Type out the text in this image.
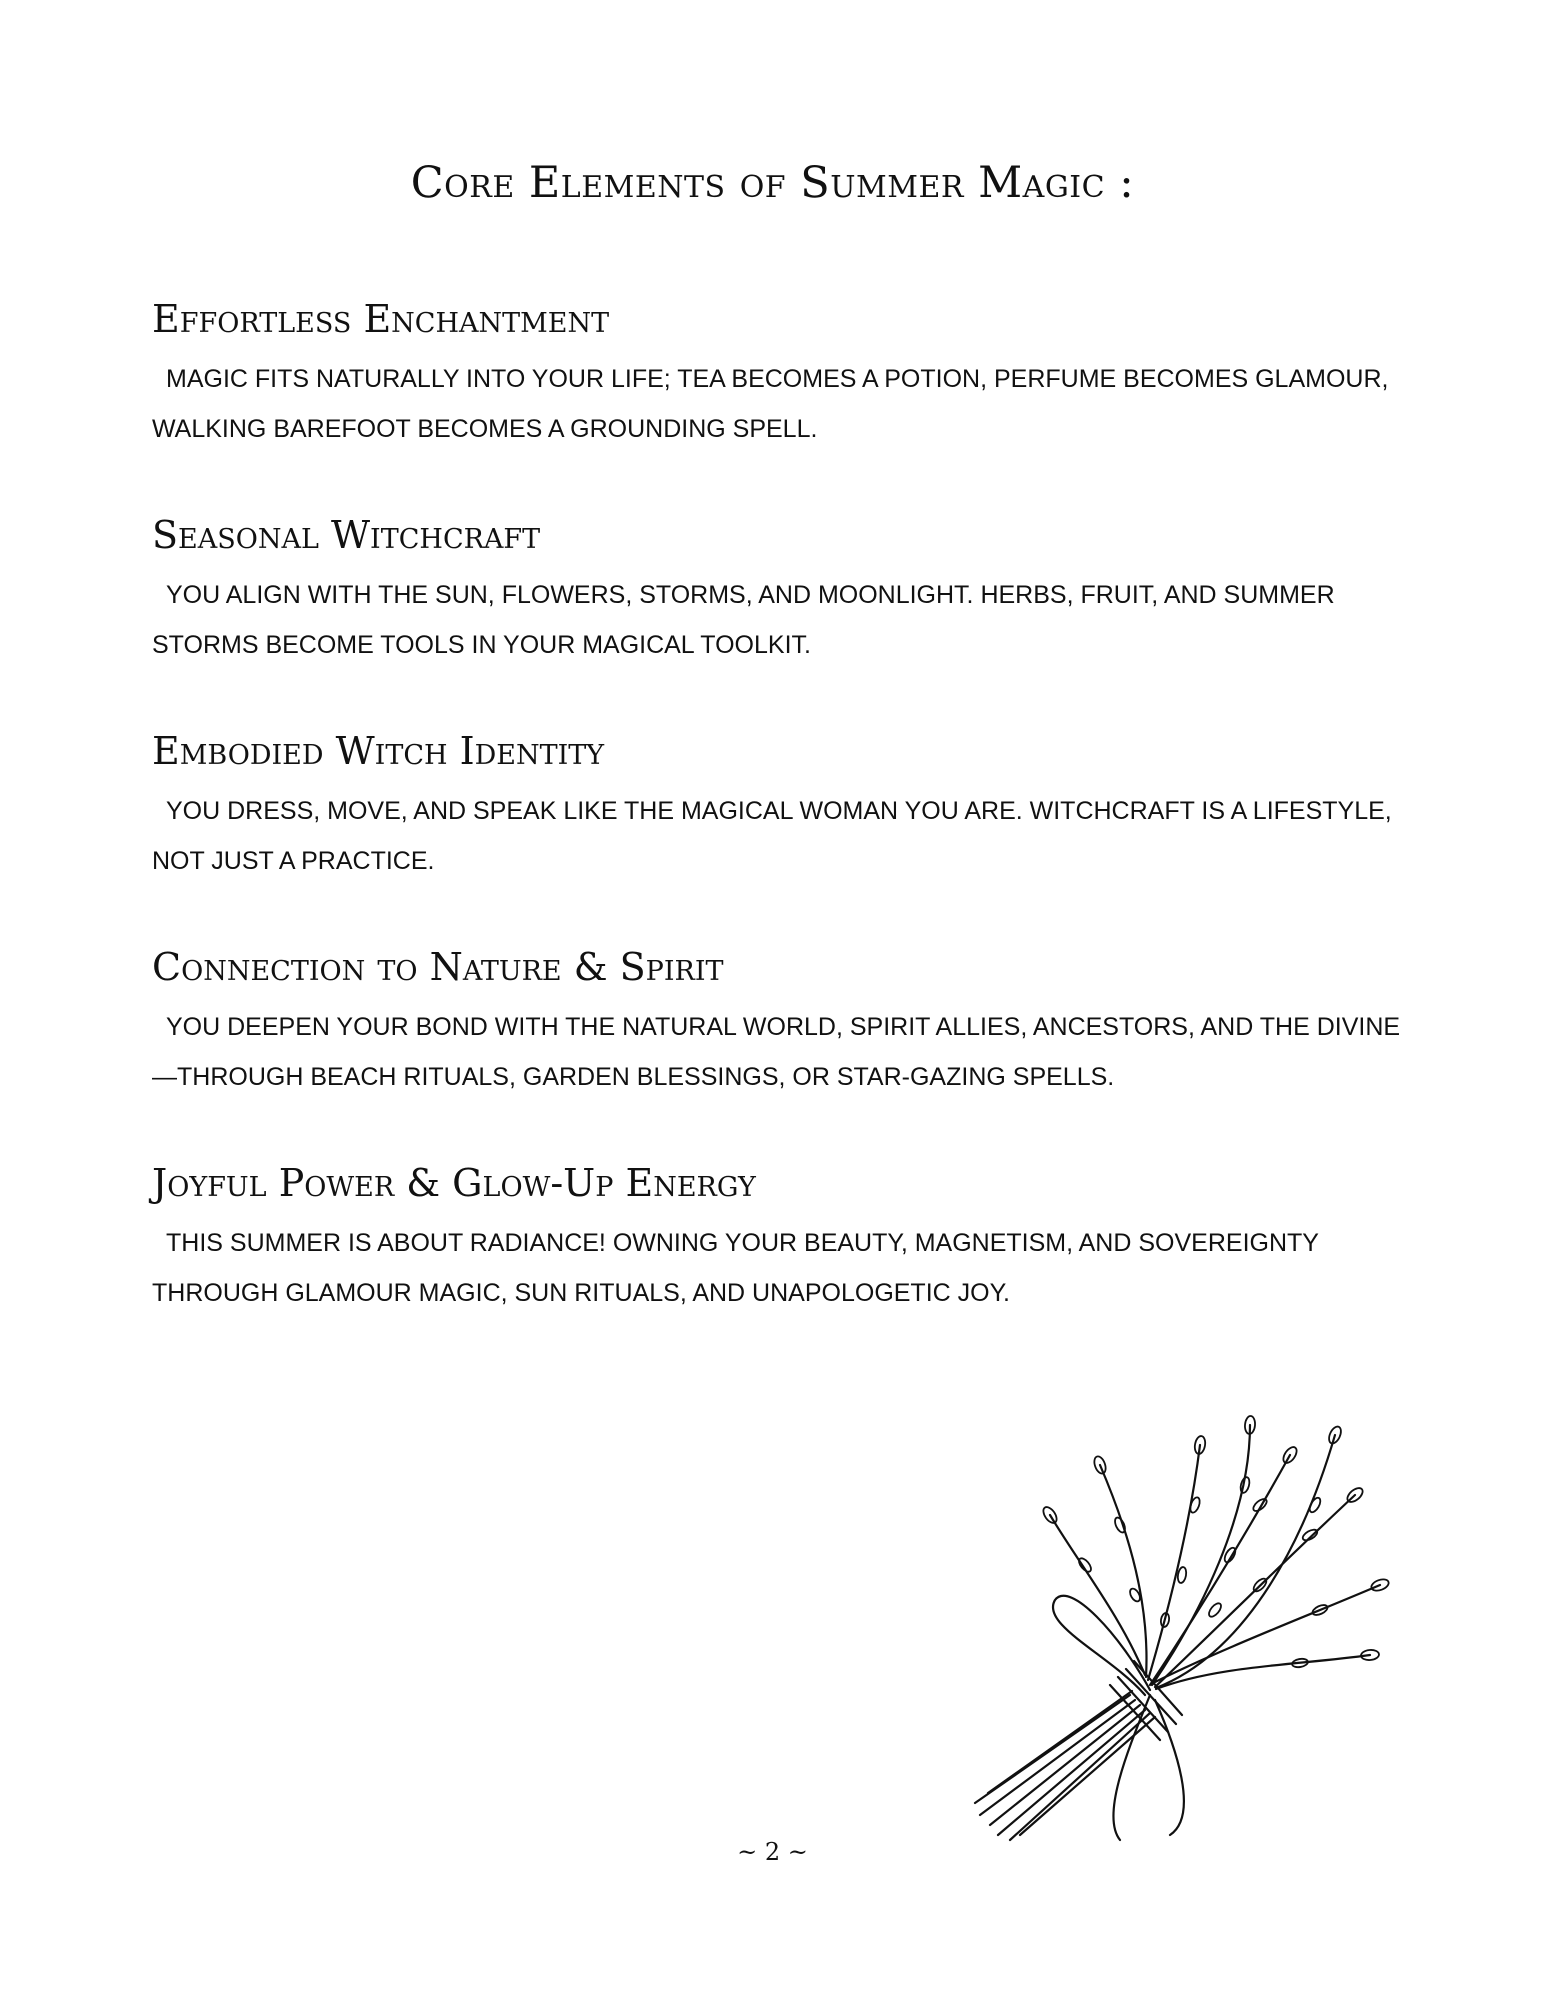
Core Elements of Summer Magic :
Effortless Enchantment

MAGIC FITS NATURALLY INTO YOUR LIFE; TEA BECOMES A POTION, PERFUME BECOMES GLAMOUR, WALKING BAREFOOT BECOMES A GROUNDING SPELL.

Seasonal Witchcraft

YOU ALIGN WITH THE SUN, FLOWERS, STORMS, AND MOONLIGHT. HERBS, FRUIT, AND SUMMER STORMS BECOME TOOLS IN YOUR MAGICAL TOOLKIT.

Embodied Witch Identity

YOU DRESS, MOVE, AND SPEAK LIKE THE MAGICAL WOMAN YOU ARE. WITCHCRAFT IS A LIFESTYLE, NOT JUST A PRACTICE.

Connection to Nature & Spirit

YOU DEEPEN YOUR BOND WITH THE NATURAL WORLD, SPIRIT ALLIES, ANCESTORS, AND THE DIVINE—THROUGH BEACH RITUALS, GARDEN BLESSINGS, OR STAR-GAZING SPELLS.

Joyful Power & Glow-Up Energy

THIS SUMMER IS ABOUT RADIANCE! OWNING YOUR BEAUTY, MAGNETISM, AND SOVEREIGNTY THROUGH GLAMOUR MAGIC, SUN RITUALS, AND UNAPOLOGETIC JOY.

~ 2 ~
